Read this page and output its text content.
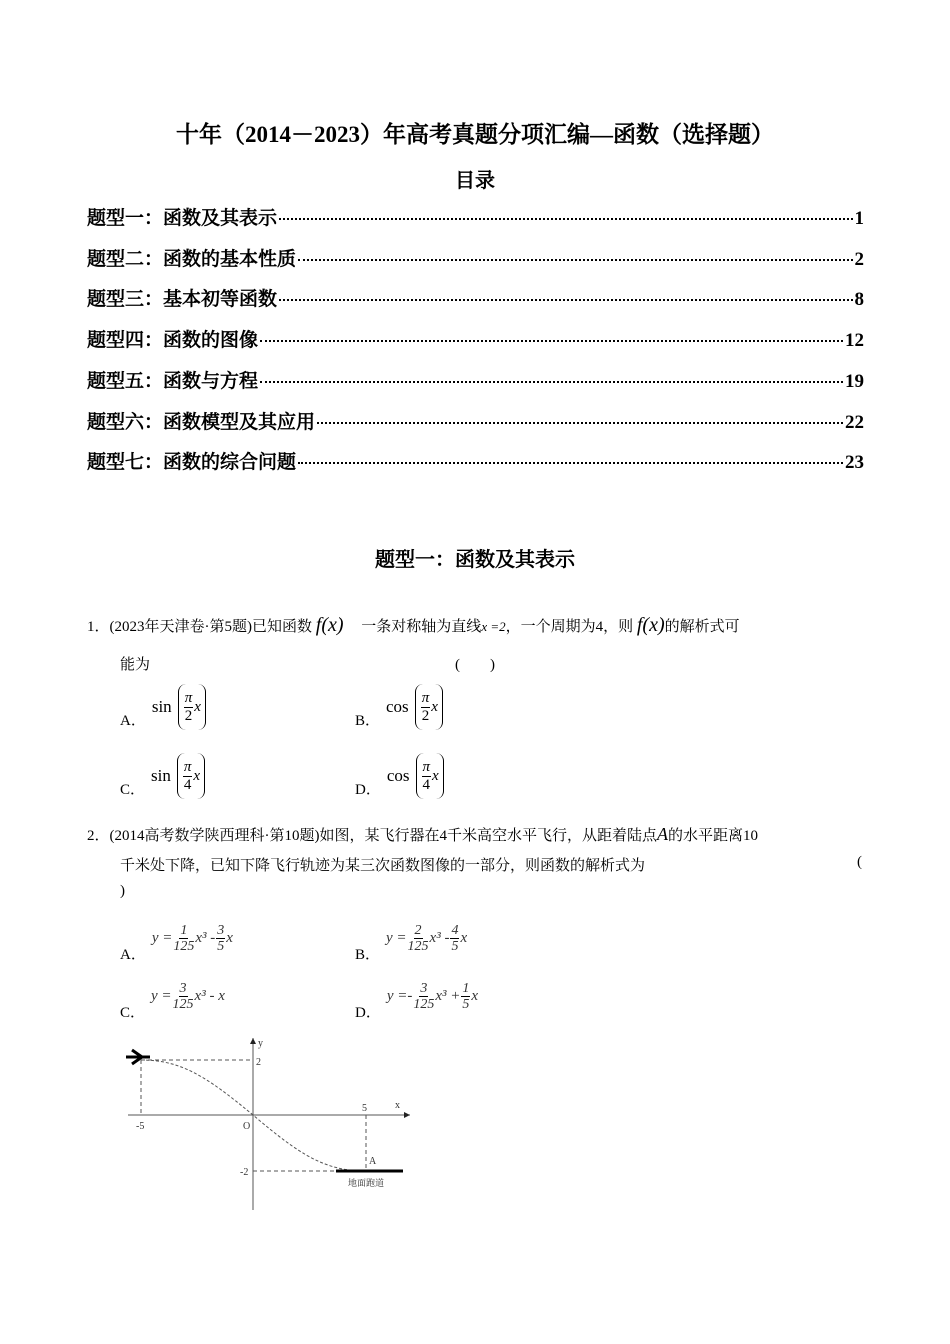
十年（2014－2023）年高考真题分项汇编—函数（选择题）
目录
题型一：函数及其表示
1．(2023年天津卷·第5题)已知函数 f(x) 一条对称轴为直线x =2，一个周期为4，则 f(x)的解析式可
能为	(　　)
2．(2014高考数学陕西理科·第10题)如图，某飞行器在4千米高空水平飞行，从距着陆点A的水平距离10
千米处下降，已知下降飞行轨迹为某三次函数图像的一部分，则函数的解析式为	(
)
y
2
x
5
-5	O
A
-2
地面跑道
题型一：函数及其表示	1
题型二：函数的基本性质	2
题型三：基本初等函数	8
题型四：函数的图像	12
题型五：函数与方程	19
题型六：函数模型及其应用	22
题型七：函数的综合问题	23
A．
$\sin \frac{\pi}{2}$ x
B．
$\cos \frac{\pi}{2}$ x
C．
$\sin \frac{\pi}{4}$ x
D．
$\cos \frac{\pi}{4}$ x
A．
$y = \frac{1}{125} x^3 - \frac{3}{5}$ x
B．
$y = \frac{2}{125} x^3 - \frac{4}{5}$ x
C．
$y = \frac{3}{125} x^3 - x$
D．
$y =- \frac{3}{125} x^3 + \frac{1}{5}$ x
